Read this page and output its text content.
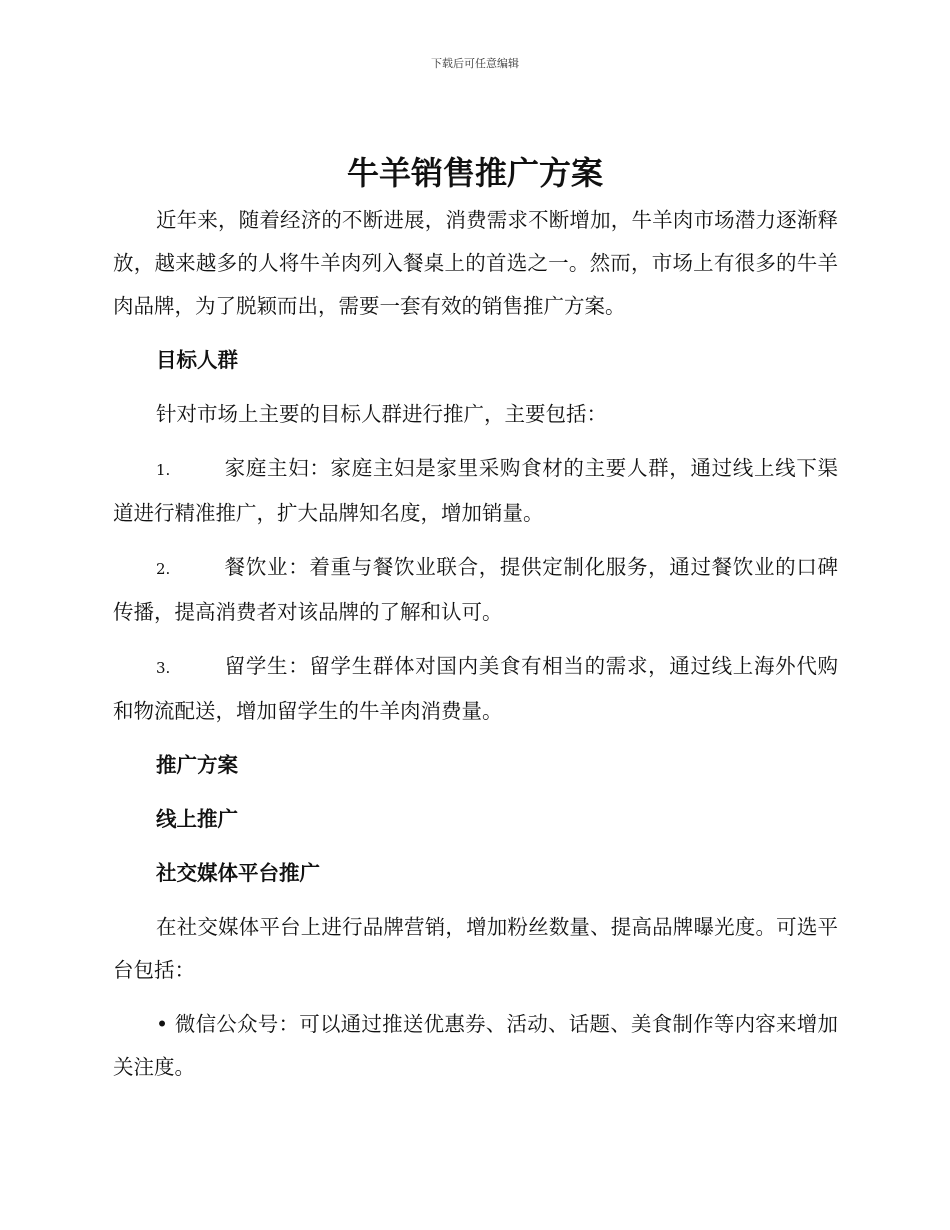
下载后可任意编辑
牛羊销售推广方案

近年来，随着经济的不断进展，消费需求不断增加，牛羊肉市场潜力逐渐释放，越来越多的人将牛羊肉列入餐桌上的首选之一。然而，市场上有很多的牛羊肉品牌，为了脱颖而出，需要一套有效的销售推广方案。

目标人群

针对市场上主要的目标人群进行推广，主要包括：

1.	家庭主妇：家庭主妇是家里采购食材的主要人群，通过线上线下渠道进行精准推广，扩大品牌知名度，增加销量。

2.	餐饮业：着重与餐饮业联合，提供定制化服务，通过餐饮业的口碑传播，提高消费者对该品牌的了解和认可。

3.	留学生：留学生群体对国内美食有相当的需求，通过线上海外代购和物流配送，增加留学生的牛羊肉消费量。

推广方案
线上推广
社交媒体平台推广

在社交媒体平台上进行品牌营销，增加粉丝数量、提高品牌曝光度。可选平台包括：

• 微信公众号：可以通过推送优惠券、活动、话题、美食制作等内容来增加关注度。
